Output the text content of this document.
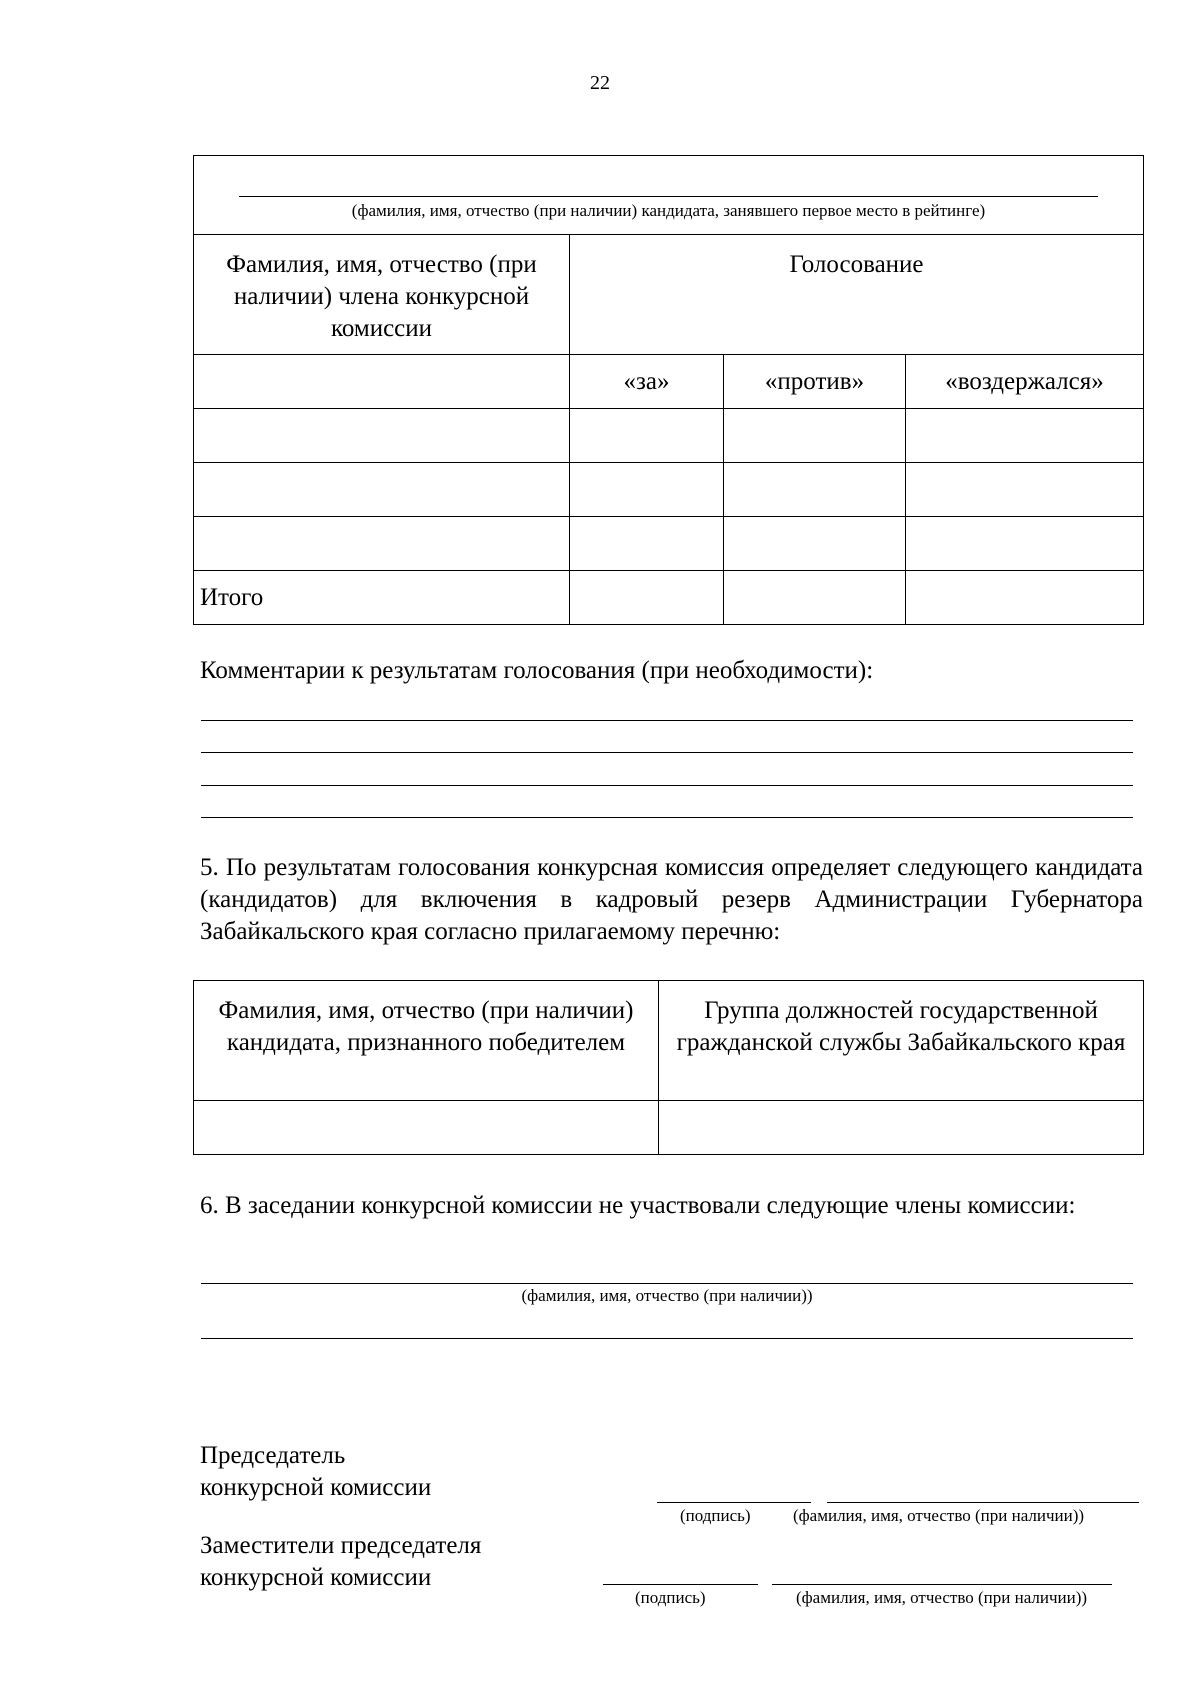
22
(фамилия, имя, отчество (при наличии) кандидата, занявшего первое место в рейтинге)			

Фамилия, имя, отчество (при наличии) члена конкурсной комиссии	Голосование		
	«за»	«против»	«воздержался»

Итого			
Комментарии к результатам голосования (при необходимости):
5. По результатам голосования конкурсная комиссия определяет следующего кандидата (кандидатов) для включения в кадровый резерв Администрации Губернатора Забайкальского края согласно прилагаемому перечню:
Фамилия, имя, отчество (при наличии) кандидата, признанного победителем	Группа должностей государственной гражданской службы Забайкальского края

6. В заседании конкурсной комиссии не участвовали следующие члены комиссии:
(фамилия, имя, отчество (при наличии))
Председатель
конкурсной комиссии
(подпись) (фамилия, имя, отчество (при наличии))
Заместители председателя
конкурсной комиссии
(подпись)	(фамилия, имя, отчество (при наличии))
